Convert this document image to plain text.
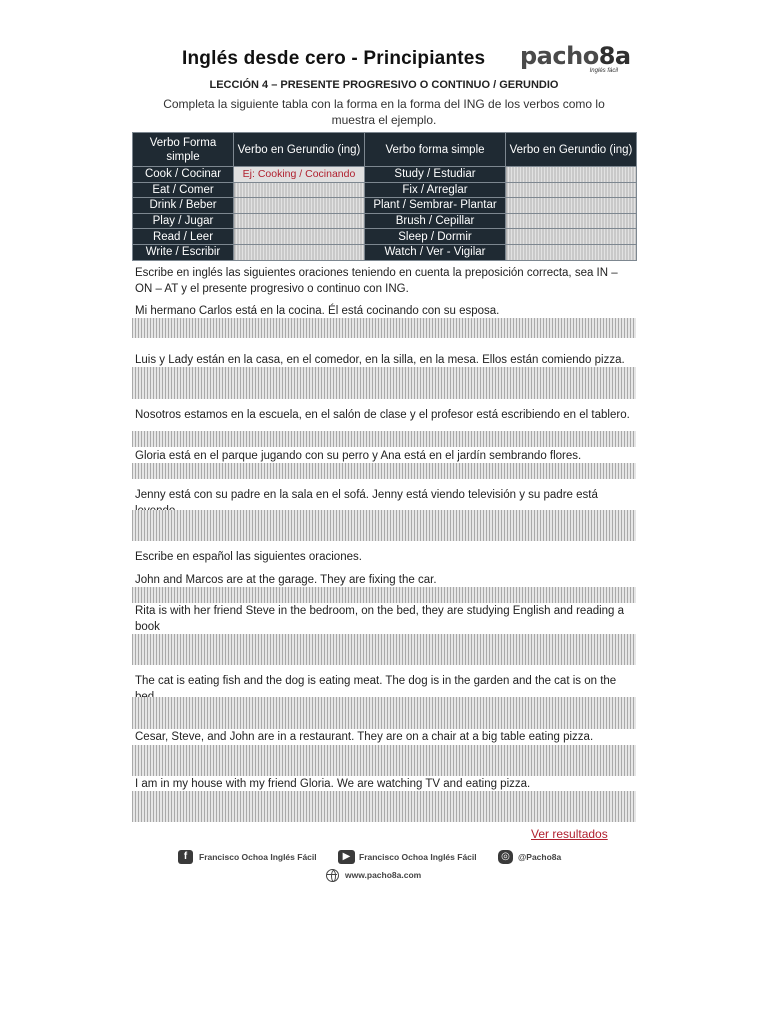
Inglés desde cero - Principiantes pacho8a
Inglés fácil
LECCIÓN 4 – PRESENTE PROGRESIVO O CONTINUO / GERUNDIO
Completa la siguiente tabla con la forma en la forma del ING de los verbos como lo muestra el ejemplo.
Verbo Forma simple	Verbo en Gerundio (ing)	Verbo forma simple	Verbo en Gerundio (ing)
Cook / Cocinar	Ej: Cooking / Cocinando	Study / Estudiar	
Eat / Comer		Fix / Arreglar	
Drink / Beber		Plant / Sembrar- Plantar	
Play / Jugar		Brush / Cepillar	
Read / Leer		Sleep / Dormir	
Write / Escribir		Watch / Ver - Vigilar	
Escribe en inglés las siguientes oraciones teniendo en cuenta la preposición correcta, sea IN – ON – AT y el presente progresivo o continuo con ING.
Mi hermano Carlos está en la cocina. Él está cocinando con su esposa.
Luis y Lady están en la casa, en el comedor, en la silla, en la mesa. Ellos están comiendo pizza.
Nosotros estamos en la escuela, en el salón de clase y el profesor está escribiendo en el tablero.
Gloria está en el parque jugando con su perro y Ana está en el jardín sembrando flores.
Jenny está con su padre en la sala en el sofá. Jenny está viendo televisión y su padre está
Escribe en español las siguientes oraciones.
John and Marcos are at the garage. They are fixing the car.
Rita is with her friend Steve in the bedroom, on the bed, they are studying English and reading a book
The cat is eating fish and the dog is eating meat. The dog is in the garden and the cat is on the
Cesar, Steve, and John are in a restaurant. They are on a chair at a big table eating pizza.
I am in my house with my friend Gloria. We are watching TV and eating pizza.
Ver resultados
f	Francisco Ochoa Inglés Fácil	▶	Francisco Ochoa Inglés Fácil	◎ @Pacho8a
www.pacho8a.com
